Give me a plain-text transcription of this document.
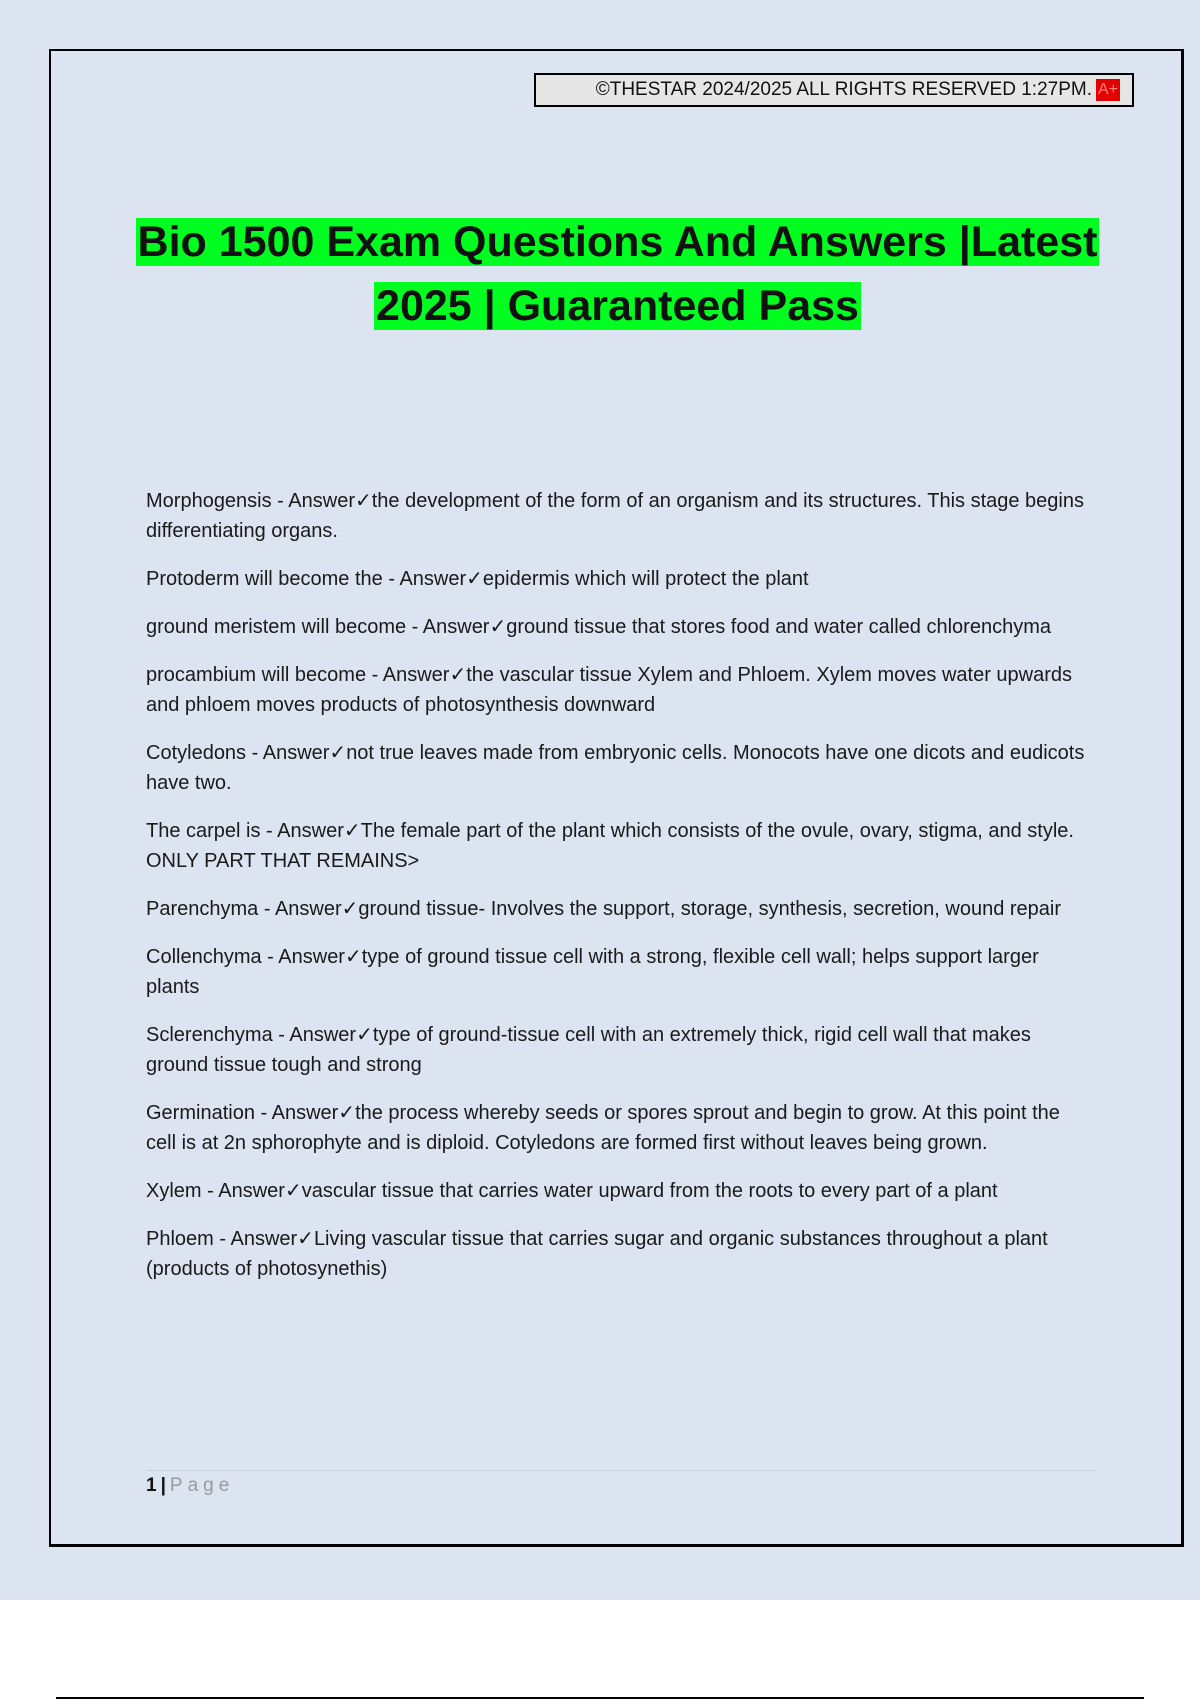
©THESTAR 2024/2025 ALL RIGHTS RESERVED 1:27PM. A+
Bio 1500 Exam Questions And Answers |Latest
2025 | Guaranteed Pass
Morphogensis - Answer✓the development of the form of an organism and its structures. This stage begins differentiating organs.
Protoderm will become the - Answer✓epidermis which will protect the plant
ground meristem will become - Answer✓ground tissue that stores food and water called chlorenchyma
procambium will become - Answer✓the vascular tissue Xylem and Phloem. Xylem moves water upwards and phloem moves products of photosynthesis downward
Cotyledons - Answer✓not true leaves made from embryonic cells. Monocots have one dicots and eudicots have two.
The carpel is - Answer✓The female part of the plant which consists of the ovule, ovary, stigma, and style. ONLY PART THAT REMAINS>
Parenchyma - Answer✓ground tissue- Involves the support, storage, synthesis, secretion, wound repair
Collenchyma - Answer✓type of ground tissue cell with a strong, flexible cell wall; helps support larger plants
Sclerenchyma - Answer✓type of ground-tissue cell with an extremely thick, rigid cell wall that makes ground tissue tough and strong
Germination - Answer✓the process whereby seeds or spores sprout and begin to grow. At this point the cell is at 2n sphorophyte and is diploid. Cotyledons are formed first without leaves being grown.
Xylem - Answer✓vascular tissue that carries water upward from the roots to every part of a plant
Phloem - Answer✓Living vascular tissue that carries sugar and organic substances throughout a plant (products of photosynethis)
1 | Page
